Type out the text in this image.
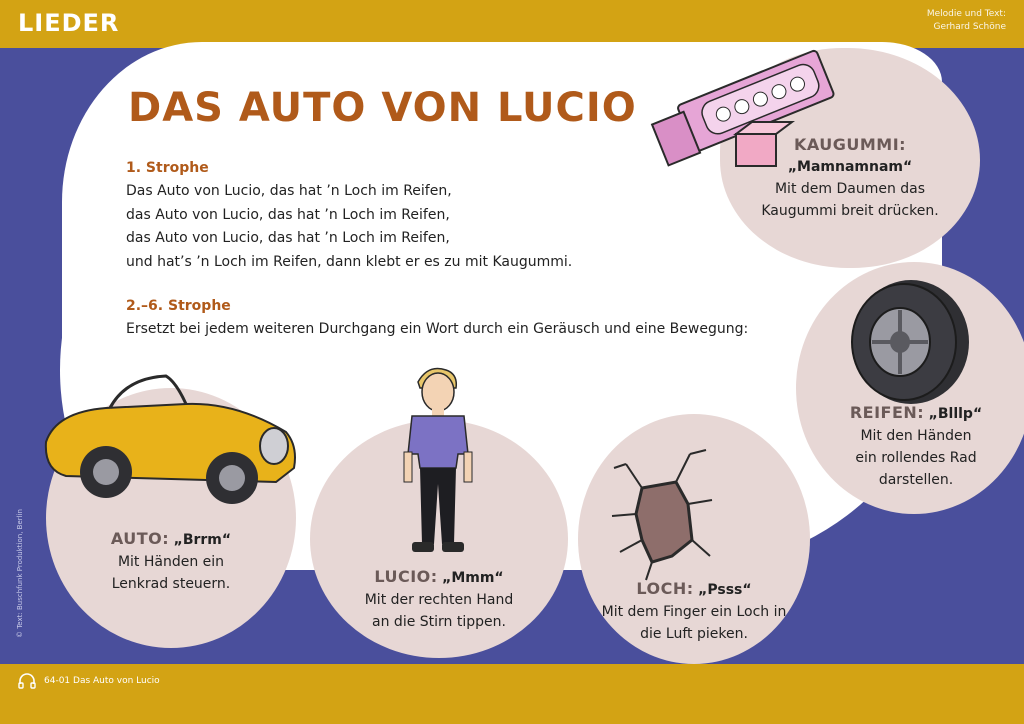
LIEDER	Melodie und Text:
Gerhard Schöne
DAS AUTO VON LUCIO
1. Strophe
Das Auto von Lucio, das hat ’n Loch im Reifen,
das Auto von Lucio, das hat ’n Loch im Reifen,
das Auto von Lucio, das hat ’n Loch im Reifen,
und hat’s ’n Loch im Reifen, dann klebt er es zu mit Kaugummi.
2.–6. Strophe
Ersetzt bei jedem weiteren Durchgang ein Wort durch ein Geräusch und eine Bewegung:
KAUGUMMI:
„Mamnamnam“
Mit dem Daumen das
Kaugummi breit drücken.
REIFEN: „Blllp“
Mit den Händen
ein rollendes Rad
darstellen.
AUTO: „Brrm“
Mit Händen ein
Lenkrad steuern.	LUCIO: „Mmm“
Mit der rechten Hand
an die Stirn tippen.
LOCH: „Psss“
Mit dem Finger ein Loch in
die Luft pieken.
© Text: Buschfunk Produktion, Berlin
64-01 Das Auto von Lucio
